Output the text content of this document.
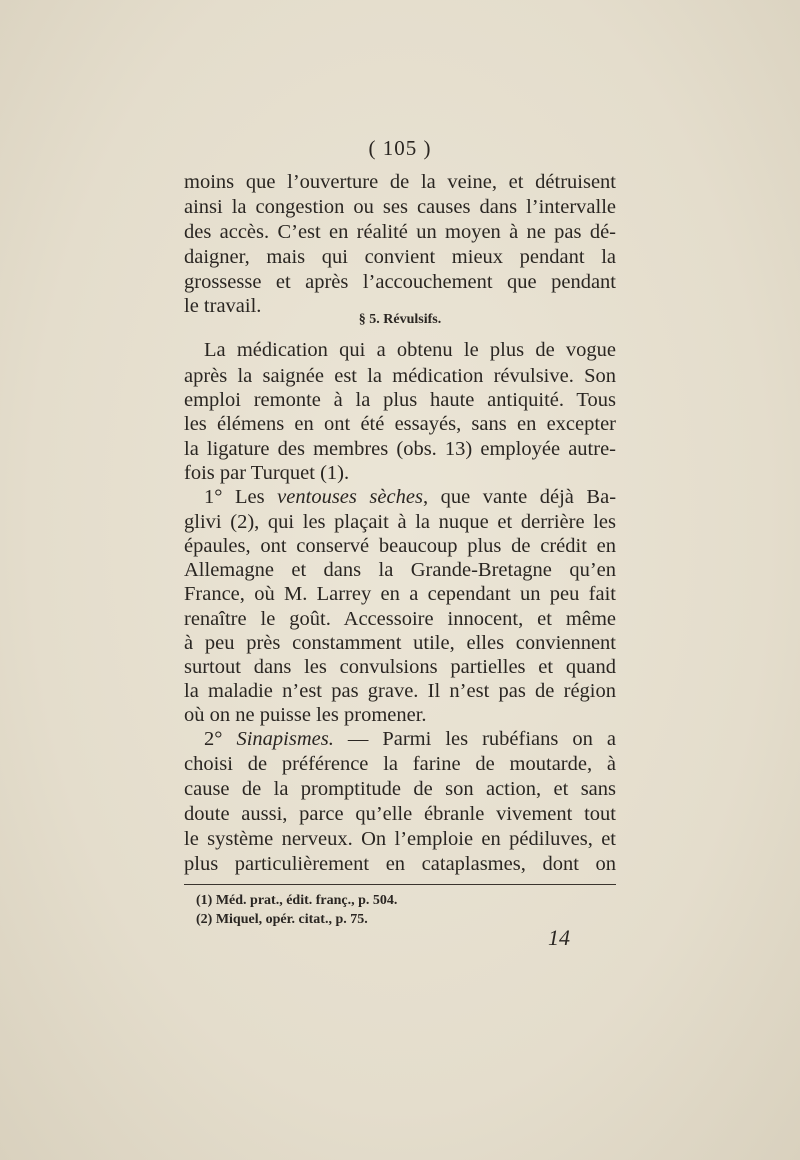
( 105 )
moins que l’ouverture de la veine, et détruisent
ainsi la congestion ou ses causes dans l’intervalle
des accès. C’est en réalité un moyen à ne pas dé-
daigner, mais qui convient mieux pendant la
grossesse et après l’accouchement que pendant
le travail.
§ 5. Révulsifs.
La médication qui a obtenu le plus de vogue
après la saignée est la médication révulsive. Son
emploi remonte à la plus haute antiquité. Tous
les élémens en ont été essayés, sans en excepter
la ligature des membres (obs. 13) employée autre-
fois par Turquet (1).
1° Les ventouses sèches, que vante déjà Ba-
glivi (2), qui les plaçait à la nuque et derrière les
épaules, ont conservé beaucoup plus de crédit en
Allemagne et dans la Grande-Bretagne qu’en
France, où M. Larrey en a cependant un peu fait
renaître le goût. Accessoire innocent, et même
à peu près constamment utile, elles conviennent
surtout dans les convulsions partielles et quand
la maladie n’est pas grave. Il n’est pas de région
où on ne puisse les promener.
2° Sinapismes. — Parmi les rubéfians on a
choisi de préférence la farine de moutarde, à
cause de la promptitude de son action, et sans
doute aussi, parce qu’elle ébranle vivement tout
le système nerveux. On l’emploie en pédiluves, et
plus particulièrement en cataplasmes, dont on
(1) Méd. prat., édit. franç., p. 504.
(2) Miquel, opér. citat., p. 75.
14
